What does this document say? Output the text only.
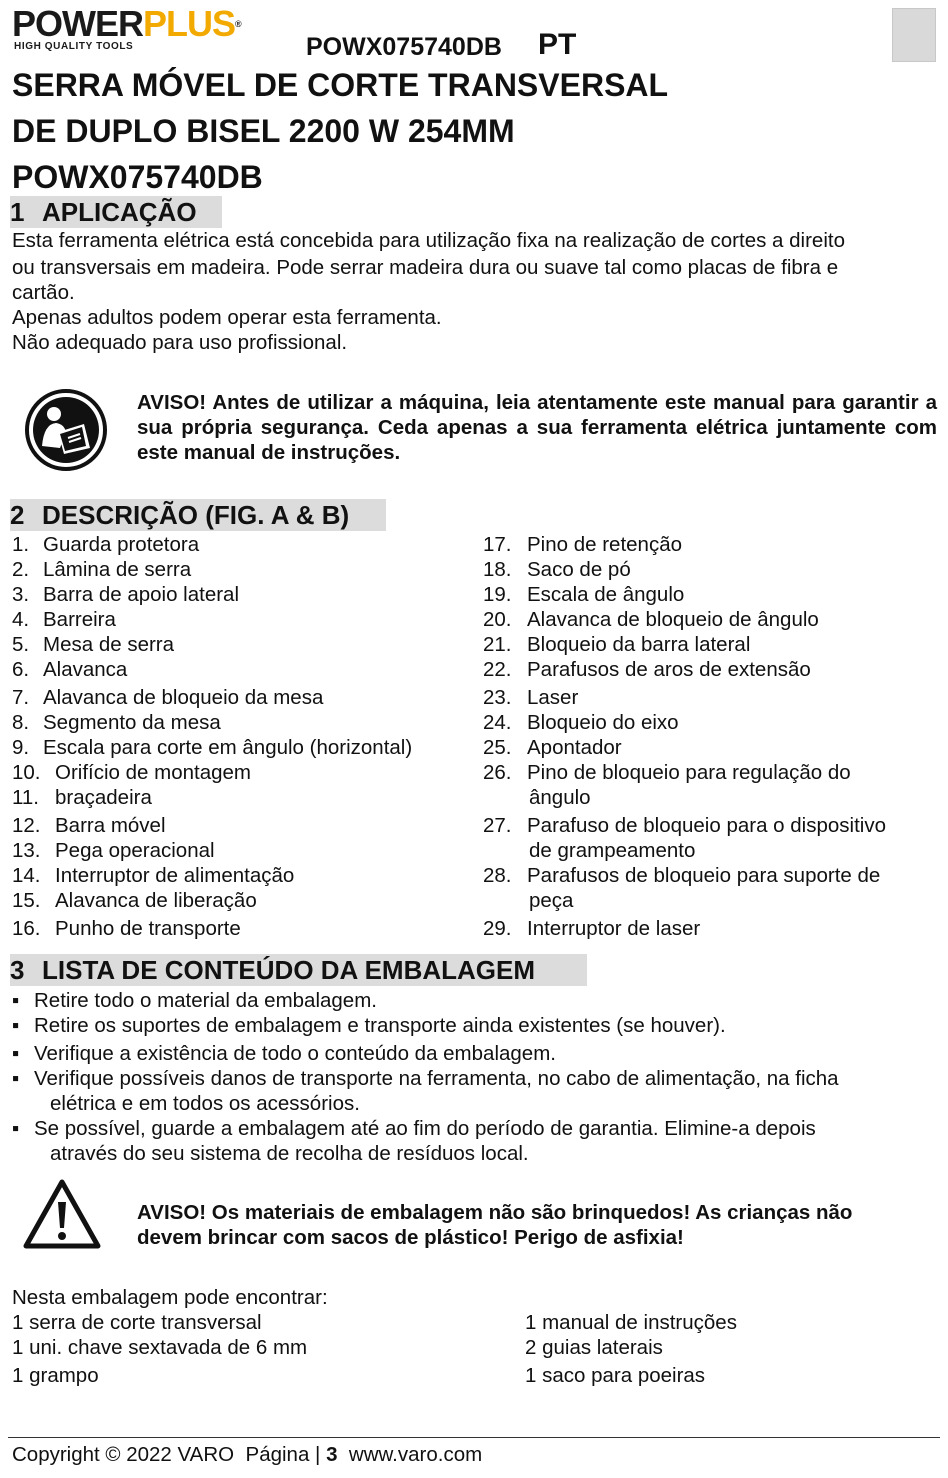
POWERPLUS®
HIGH QUALITY TOOLS	POWX075740DB PT
SERRA MÓVEL DE CORTE TRANSVERSAL
DE DUPLO BISEL 2200 W 254MM
POWX075740DB
1 APLICAÇÃO
Esta ferramenta elétrica está concebida para utilização fixa na realização de cortes a direito
ou transversais em madeira. Pode serrar madeira dura ou suave tal como placas de fibra e
cartão.
Apenas adultos podem operar esta ferramenta.
Não adequado para uso profissional.
AVISO! Antes de utilizar a máquina, leia atentamente este manual para garantir a sua própria segurança. Ceda apenas a sua ferramenta elétrica juntamente com este manual de instruções.
2 DESCRIÇÃO (FIG. A & B)
1. Guarda protetora
2. Lâmina de serra
3. Barra de apoio lateral
4. Barreira
5. Mesa de serra
6. Alavanca
7. Alavanca de bloqueio da mesa
8. Segmento da mesa
9. Escala para corte em ângulo (horizontal)
10. Orifício de montagem
11. braçadeira
12. Barra móvel
13. Pega operacional
14. Interruptor de alimentação
15. Alavanca de liberação
16. Punho de transporte
17. Pino de retenção
18. Saco de pó
19. Escala de ângulo
20. Alavanca de bloqueio de ângulo
21. Bloqueio da barra lateral
22. Parafusos de aros de extensão
23. Laser
24. Bloqueio do eixo
25. Apontador
26. Pino de bloqueio para regulação do
ângulo
27. Parafuso de bloqueio para o dispositivo
de grampeamento
28. Parafusos de bloqueio para suporte de
peça
29. Interruptor de laser
3 LISTA DE CONTEÚDO DA EMBALAGEM
▪ Retire todo o material da embalagem.
▪ Retire os suportes de embalagem e transporte ainda existentes (se houver).
▪ Verifique a existência de todo o conteúdo da embalagem.
▪ Verifique possíveis danos de transporte na ferramenta, no cabo de alimentação, na ficha
elétrica e em todos os acessórios.
▪ Se possível, guarde a embalagem até ao fim do período de garantia. Elimine-a depois
através do seu sistema de recolha de resíduos local.
AVISO! Os materiais de embalagem não são brinquedos! As crianças não
devem brincar com sacos de plástico! Perigo de asfixia!
Nesta embalagem pode encontrar:
1 serra de corte transversal
1 uni. chave sextavada de 6 mm
1 grampo
1 manual de instruções
2 guias laterais
1 saco para poeiras
Copyright © 2022 VARO Página | 3 www.varo.com
